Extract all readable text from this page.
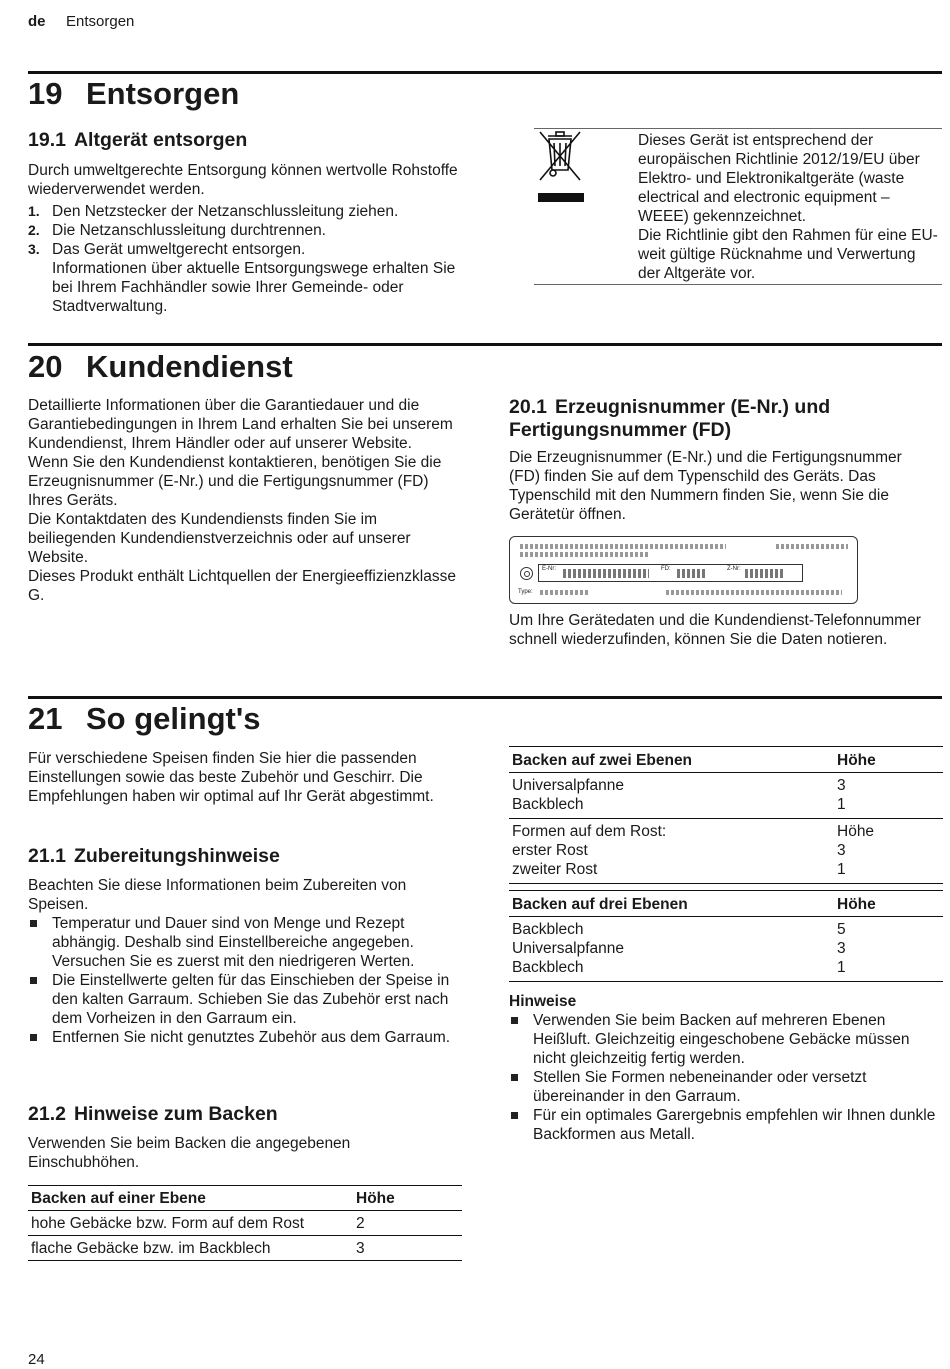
de Entsorgen
19 Entsorgen
19.1 Altgerät entsorgen
Durch umweltgerechte Entsorgung können wertvolle Rohstoffe wiederverwendet werden.
1. Den Netzstecker der Netzanschlussleitung ziehen.
2. Die Netzanschlussleitung durchtrennen.
3. Das Gerät umweltgerecht entsorgen.
Informationen über aktuelle Entsorgungswege erhalten Sie bei Ihrem Fachhändler sowie Ihrer Gemeinde- oder Stadtverwaltung.
Dieses Gerät ist entsprechend der europäischen Richtlinie 2012/19/EU über Elektro- und Elektronikaltgeräte (waste electrical and electronic equipment – WEEE) gekennzeichnet.
Die Richtlinie gibt den Rahmen für eine EU-weit gültige Rücknahme und Verwertung der Altgeräte vor.
20 Kundendienst

Detaillierte Informationen über die Garantiedauer und die Garantiebedingungen in Ihrem Land erhalten Sie bei unserem Kundendienst, Ihrem Händler oder auf unserer Website.

Wenn Sie den Kundendienst kontaktieren, benötigen Sie die Erzeugnisnummer (E-Nr.) und die Fertigungsnummer (FD) Ihres Geräts.

Die Kontaktdaten des Kundendiensts finden Sie im beiliegenden Kundendienstverzeichnis oder auf unserer Website.

Dieses Produkt enthält Lichtquellen der Energieeffizienzklasse G.

20.1 Erzeugnisnummer (E-Nr.) und Fertigungsnummer (FD)
Die Erzeugnisnummer (E-Nr.) und die Fertigungsnummer (FD) finden Sie auf dem Typenschild des Geräts. Das Typenschild mit den Nummern finden Sie, wenn Sie die Gerätetür öffnen.
E-Nr:	FD:	Z-Nr:
Type:
Um Ihre Gerätedaten und die Kundendienst-Telefonnummer schnell wiederzufinden, können Sie die Daten notieren.
21 So gelingt's
Für verschiedene Speisen finden Sie hier die passenden Einstellungen sowie das beste Zubehör und Geschirr. Die Empfehlungen haben wir optimal auf Ihr Gerät abgestimmt.
21.1 Zubereitungshinweise
Beachten Sie diese Informationen beim Zubereiten von Speisen.
Temperatur und Dauer sind von Menge und Rezept abhängig. Deshalb sind Einstellbereiche angegeben. Versuchen Sie es zuerst mit den niedrigeren Werten.
Die Einstellwerte gelten für das Einschieben der Speise in den kalten Garraum. Schieben Sie das Zubehör erst nach dem Vorheizen in den Garraum ein.
Entfernen Sie nicht genutztes Zubehör aus dem Garraum.
21.2 Hinweise zum Backen
Verwenden Sie beim Backen die angegebenen Einschubhöhen.
Backen auf einer Ebene	Höhe
hohe Gebäcke bzw. Form auf dem Rost	2
flache Gebäcke bzw. im Backblech	3
Backen auf zwei Ebenen	Höhe
Universalpfanne	3
Backblech	1
Formen auf dem Rost:	Höhe
erster Rost	3
zweiter Rost	1
Backen auf drei Ebenen	Höhe
Backblech	5
Universalpfanne	3
Backblech	1
Hinweise
Verwenden Sie beim Backen auf mehreren Ebenen Heißluft. Gleichzeitig eingeschobene Gebäcke müssen nicht gleichzeitig fertig werden.
Stellen Sie Formen nebeneinander oder versetzt übereinander in den Garraum.
Für ein optimales Garergebnis empfehlen wir Ihnen dunkle Backformen aus Metall.
24
